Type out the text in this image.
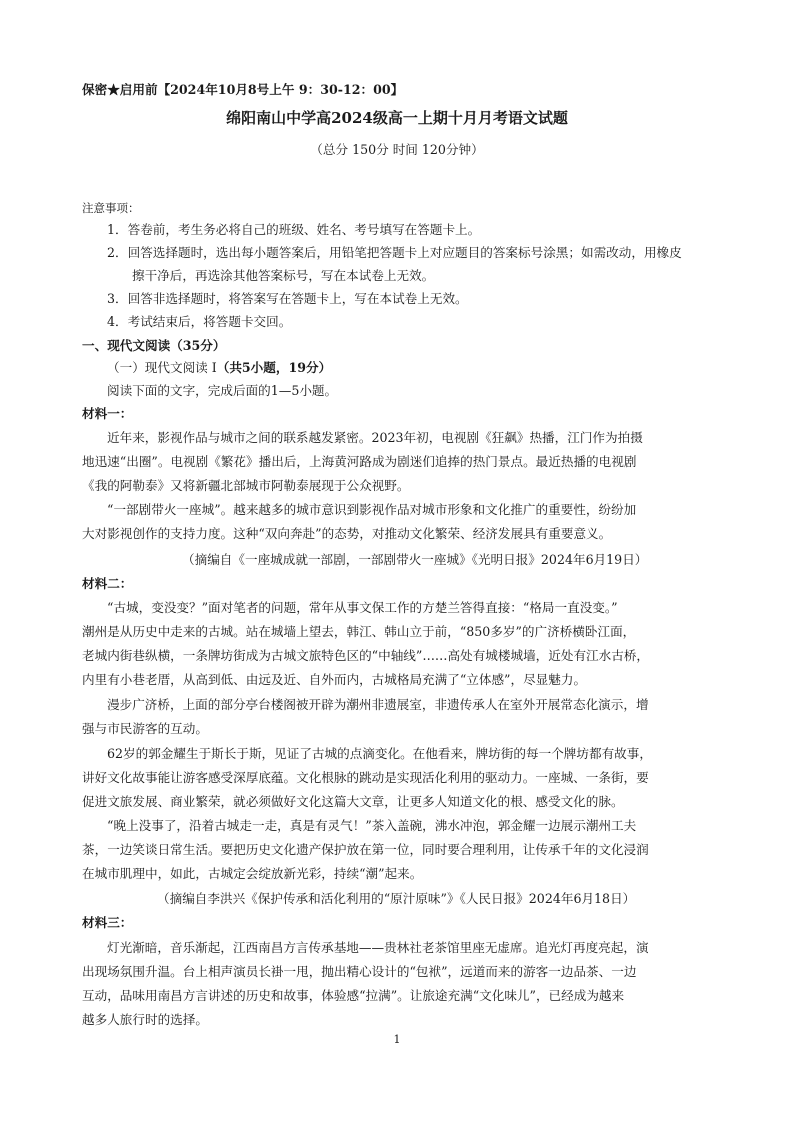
保密★启用前【2024年10月8号上午 9：30-12：00】
绵阳南山中学高2024级高一上期十月月考语文试题
（总分 150分 时间 120分钟）
注意事项：
1．答卷前，考生务必将自己的班级、姓名、考号填写在答题卡上。
2．回答选择题时，选出每小题答案后，用铅笔把答题卡上对应题目的答案标号涂黑；如需改动，用橡皮
擦干净后，再选涂其他答案标号，写在本试卷上无效。
3．回答非选择题时，将答案写在答题卡上，写在本试卷上无效。
4．考试结束后，将答题卡交回。
一、现代文阅读（35分）
（一）现代文阅读 I（共5小题，19分）
阅读下面的文字，完成后面的1—5小题。
材料一：
近年来，影视作品与城市之间的联系越发紧密。2023年初，电视剧《狂飙》热播，江门作为拍摄
地迅速“出圈”。电视剧《繁花》播出后，上海黄河路成为剧迷们追捧的热门景点。最近热播的电视剧
《我的阿勒泰》又将新疆北部城市阿勒泰展现于公众视野。
“一部剧带火一座城”。越来越多的城市意识到影视作品对城市形象和文化推广的重要性，纷纷加
大对影视创作的支持力度。这种“双向奔赴”的态势，对推动文化繁荣、经济发展具有重要意义。
（摘编自《一座城成就一部剧，一部剧带火一座城》《光明日报》2024年6月19日）
材料二：
“古城，变没变？”面对笔者的问题，常年从事文保工作的方楚兰答得直接：“格局一直没变。”
潮州是从历史中走来的古城。站在城墙上望去，韩江、韩山立于前，“850多岁”的广济桥横卧江面，
老城内街巷纵横，一条牌坊街成为古城文旅特色区的“中轴线”……高处有城楼城墙，近处有江水古桥，
内里有小巷老厝，从高到低、由远及近、自外而内，古城格局充满了“立体感”，尽显魅力。
漫步广济桥，上面的部分亭台楼阁被开辟为潮州非遗展室，非遗传承人在室外开展常态化演示，增
强与市民游客的互动。
62岁的郭金耀生于斯长于斯，见证了古城的点滴变化。在他看来，牌坊街的每一个牌坊都有故事，
讲好文化故事能让游客感受深厚底蕴。文化根脉的跳动是实现活化利用的驱动力。一座城、一条街，要
促进文旅发展、商业繁荣，就必须做好文化这篇大文章，让更多人知道文化的根、感受文化的脉。
“晚上没事了，沿着古城走一走，真是有灵气！”茶入盖碗，沸水冲泡，郭金耀一边展示潮州工夫
茶，一边笑谈日常生活。要把历史文化遗产保护放在第一位，同时要合理利用，让传承千年的文化浸润
在城市肌理中，如此，古城定会绽放新光彩，持续“潮”起来。
（摘编自李洪兴《保护传承和活化利用的“原汁原味”》《人民日报》2024年6月18日）
材料三：
灯光渐暗，音乐渐起，江西南昌方言传承基地——贵林社老茶馆里座无虚席。追光灯再度亮起，演
出现场氛围升温。台上相声演员长褂一甩，抛出精心设计的“包袱”，远道而来的游客一边品茶、一边
互动，品味用南昌方言讲述的历史和故事，体验感“拉满”。让旅途充满“文化味儿”，已经成为越来
越多人旅行时的选择。
1
